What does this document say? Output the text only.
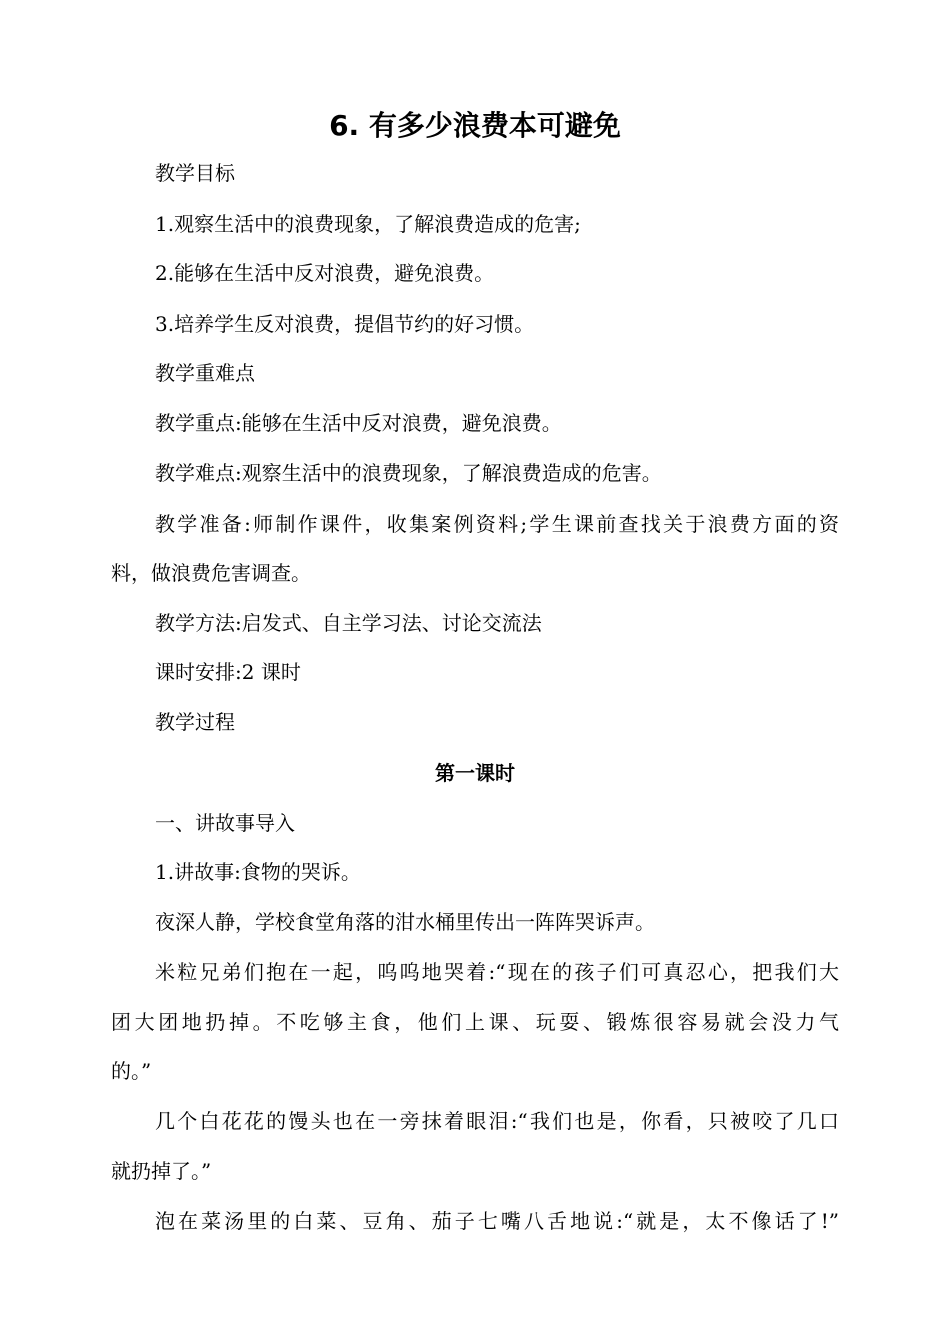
6. 有多少浪费本可避免
教学目标
1.观察生活中的浪费现象，了解浪费造成的危害;
2.能够在生活中反对浪费，避免浪费。
3.培养学生反对浪费，提倡节约的好习惯。
教学重难点
教学重点:能够在生活中反对浪费，避免浪费。
教学难点:观察生活中的浪费现象，了解浪费造成的危害。
教学准备:师制作课件，收集案例资料;学生课前查找关于浪费方面的资
料，做浪费危害调查。
教学方法:启发式、自主学习法、讨论交流法
课时安排:2 课时
教学过程
第一课时
一、讲故事导入
1.讲故事:食物的哭诉。
夜深人静，学校食堂角落的泔水桶里传出一阵阵哭诉声。
米粒兄弟们抱在一起，呜呜地哭着:“现在的孩子们可真忍心，把我们大
团大团地扔掉。不吃够主食，他们上课、玩耍、锻炼很容易就会没力气
的。”
几个白花花的馒头也在一旁抹着眼泪:“我们也是，你看，只被咬了几口
就扔掉了。”
泡在菜汤里的白菜、豆角、茄子七嘴八舌地说:“就是，太不像话了!”
